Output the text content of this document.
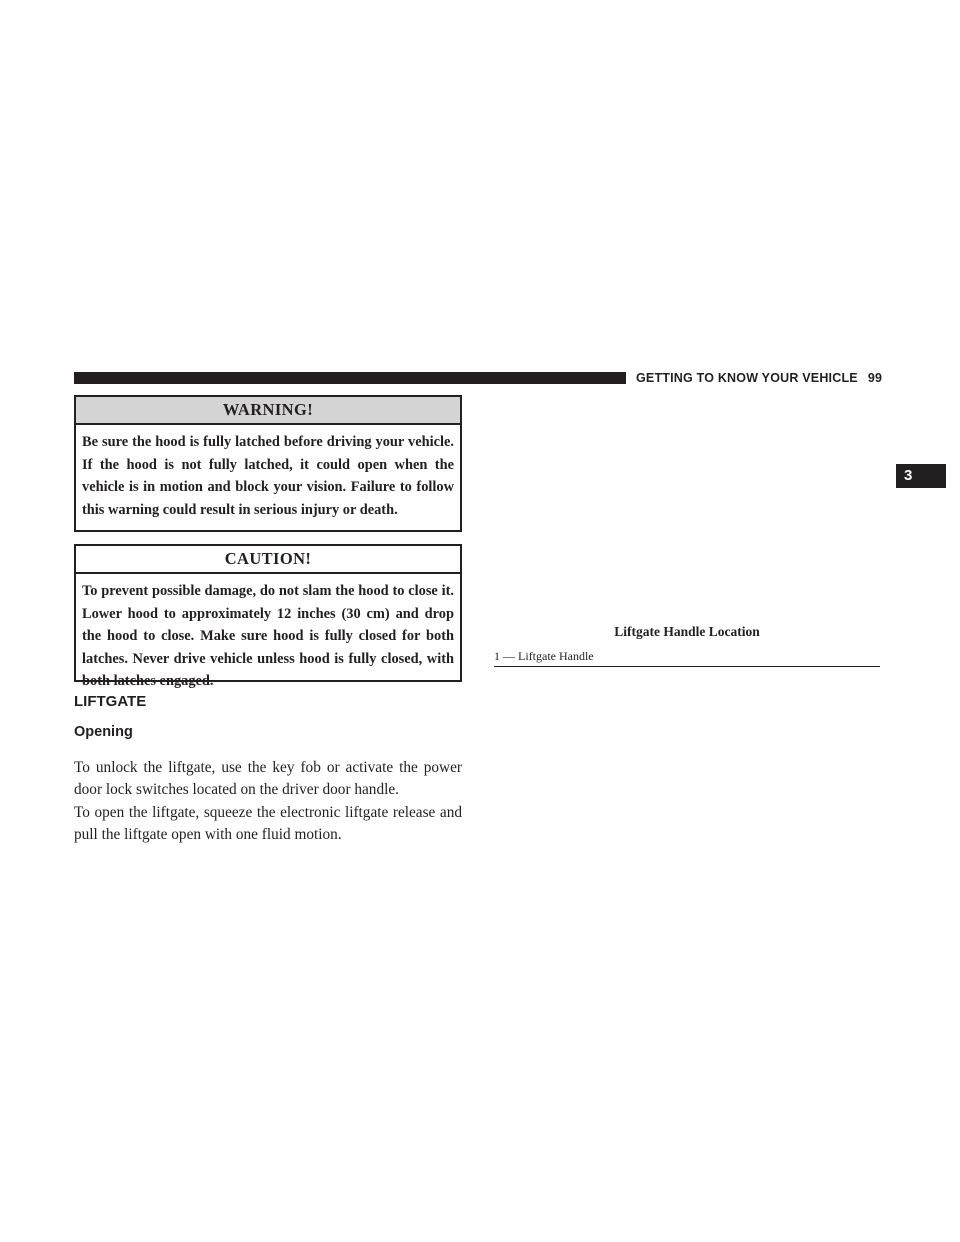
GETTING TO KNOW YOUR VEHICLE 99
3
WARNING!
Be sure the hood is fully latched before driving your vehicle. If the hood is not fully latched, it could open when the vehicle is in motion and block your vision. Failure to follow this warning could result in serious injury or death.
CAUTION!
To prevent possible damage, do not slam the hood to close it. Lower hood to approximately 12 inches (30 cm) and drop the hood to close. Make sure hood is fully closed for both latches. Never drive vehicle unless hood is fully closed, with both latches engaged.
LIFTGATE
Opening
To unlock the liftgate, use the key fob or activate the power door lock switches located on the driver door handle.
To open the liftgate, squeeze the electronic liftgate release and pull the liftgate open with one fluid motion.
Liftgate Handle Location
1 — Liftgate Handle
